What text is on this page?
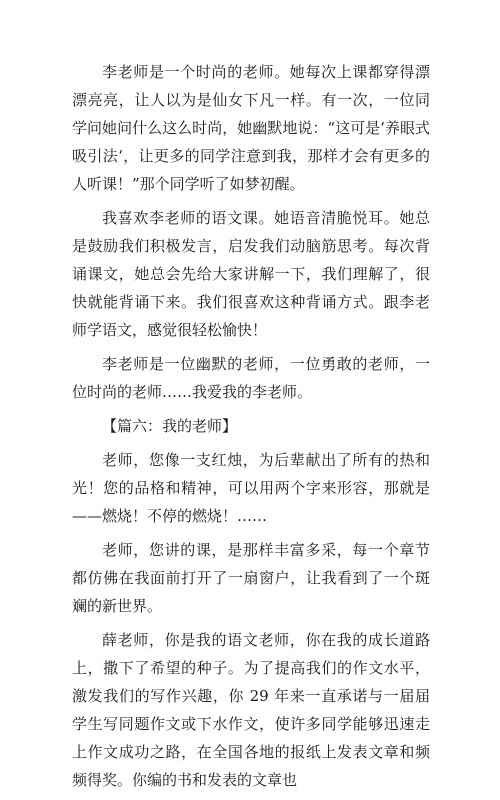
李老师是一个时尚的老师。她每次上课都穿得漂漂亮亮，让人以为是仙女下凡一样。有一次，一位同学问她问什么这么时尚，她幽默地说：“这可是‘养眼式吸引法‘，让更多的同学注意到我，那样才会有更多的人听课！”那个同学听了如梦初醒。

我喜欢李老师的语文课。她语音清脆悦耳。她总是鼓励我们积极发言，启发我们动脑筋思考。每次背诵课文，她总会先给大家讲解一下，我们理解了，很快就能背诵下来。我们很喜欢这种背诵方式。跟李老师学语文，感觉很轻松愉快！

李老师是一位幽默的老师，一位勇敢的老师，一位时尚的老师……我爱我的李老师。

【篇六：我的老师】

老师，您像一支红烛，为后辈献出了所有的热和光！您的品格和精神，可以用两个字来形容，那就是——燃烧！不停的燃烧！……

老师，您讲的课，是那样丰富多采，每一个章节都仿佛在我面前打开了一扇窗户，让我看到了一个斑斓的新世界。

薛老师，你是我的语文老师，你在我的成长道路上，撒下了希望的种子。为了提高我们的作文水平，激发我们的写作兴趣，你 29 年来一直承诺与一届届学生写同题作文或下水作文，使许多同学能够迅速走上作文成功之路，在全国各地的报纸上发表文章和频频得奖。你编的书和发表的文章也
